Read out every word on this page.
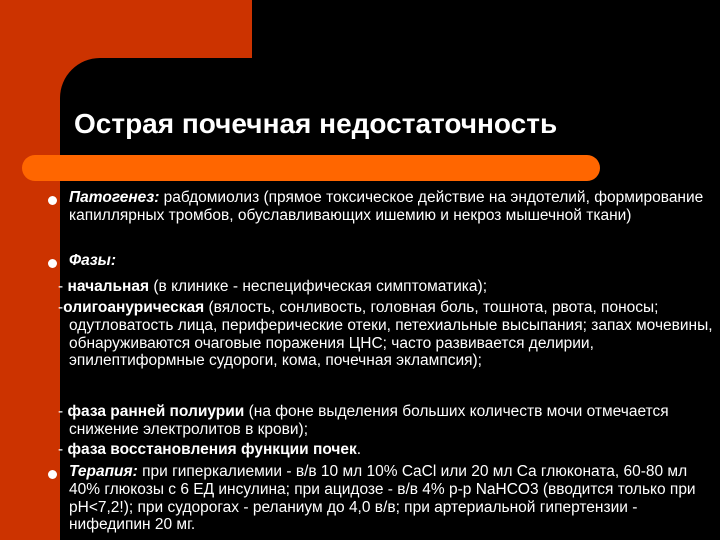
Острая почечная недостаточность

Патогенез: рабдомиолиз (прямое токсическое действие на эндотелий, формирование капиллярных тромбов, обуславливающих ишемию и некроз мышечной ткани)

Фазы:

- начальная (в клинике - неспецифическая симптоматика);

-олигоанурическая (вялость, сонливость, головная боль, тошнота, рвота, поносы; одутловатость лица, периферические отеки, петехиальные высыпания; запах мочевины, обнаруживаются очаговые поражения ЦНС; часто развивается делирии, эпилептиформные судороги, кома, почечная эклампсия);

- фаза ранней полиурии (на фоне выделения больших количеств мочи отмечается снижение электролитов в крови);

- фаза восстановления функции почек.

Терапия: при гиперкалиемии - в/в 10 мл 10% CaCl или 20 мл Ca глюконата, 60-80 мл 40% глюкозы с 6 ЕД инсулина; при ацидозе - в/в 4% р-р NaHCO3 (вводится только при pH<7,2!); при судорогах - реланиум до 4,0 в/в; при артериальной гипертензии - нифедипин 20 мг.
